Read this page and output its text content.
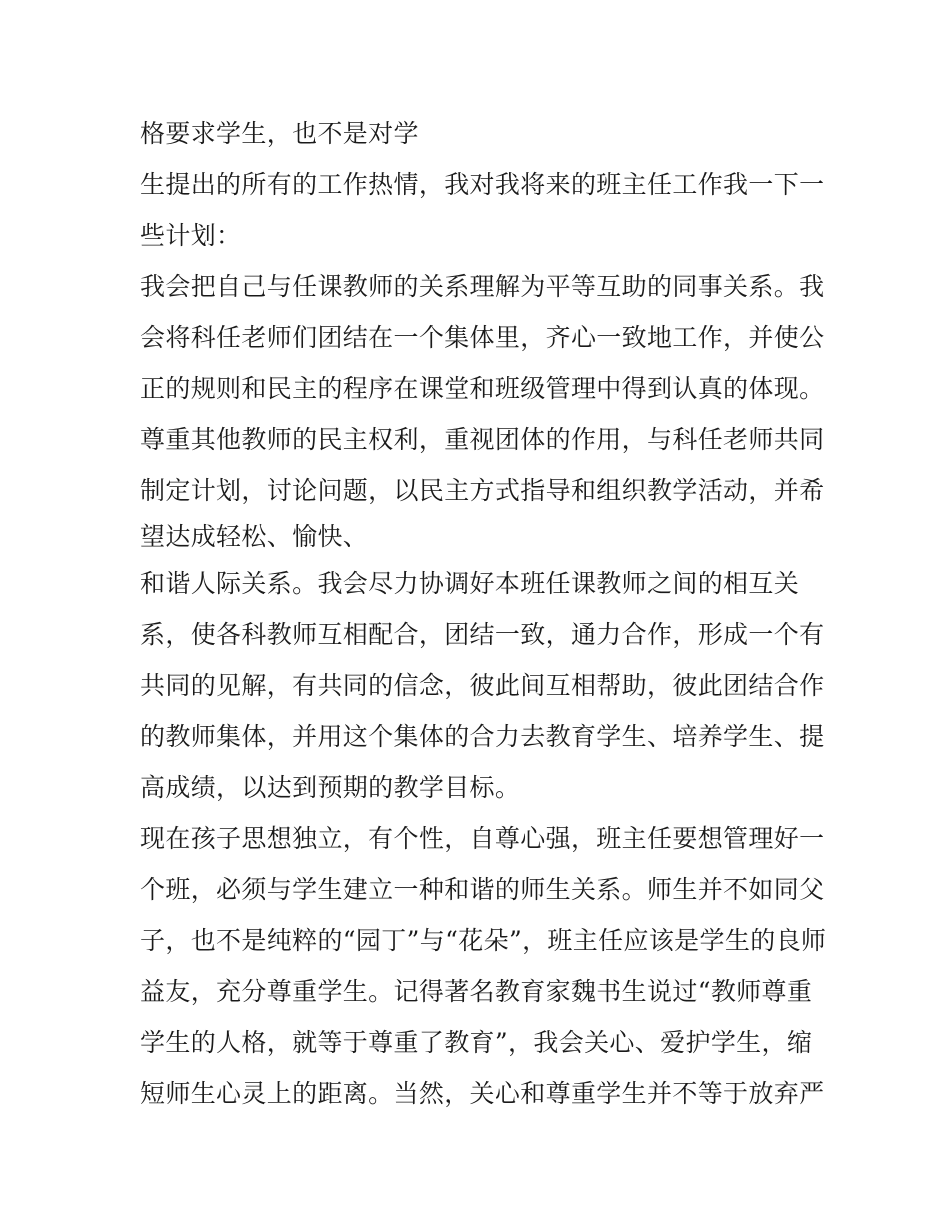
格要求学生，也不是对学
生提出的所有的工作热情，我对我将来的班主任工作我一下一
些计划：
我会把自己与任课教师的关系理解为平等互助的同事关系。我
会将科任老师们团结在一个集体里，齐心一致地工作，并使公
正的规则和民主的程序在课堂和班级管理中得到认真的体现。
尊重其他教师的民主权利，重视团体的作用，与科任老师共同
制定计划，讨论问题，以民主方式指导和组织教学活动，并希
望达成轻松、愉快、
和谐人际关系。我会尽力协调好本班任课教师之间的相互关
系，使各科教师互相配合，团结一致，通力合作，形成一个有
共同的见解，有共同的信念，彼此间互相帮助，彼此团结合作
的教师集体，并用这个集体的合力去教育学生、培养学生、提
高成绩，以达到预期的教学目标。
现在孩子思想独立，有个性，自尊心强，班主任要想管理好一
个班，必须与学生建立一种和谐的师生关系。师生并不如同父
子，也不是纯粹的“园丁”与“花朵”，班主任应该是学生的良师
益友，充分尊重学生。记得著名教育家魏书生说过“教师尊重
学生的人格，就等于尊重了教育”，我会关心、爱护学生，缩
短师生心灵上的距离。当然，关心和尊重学生并不等于放弃严
